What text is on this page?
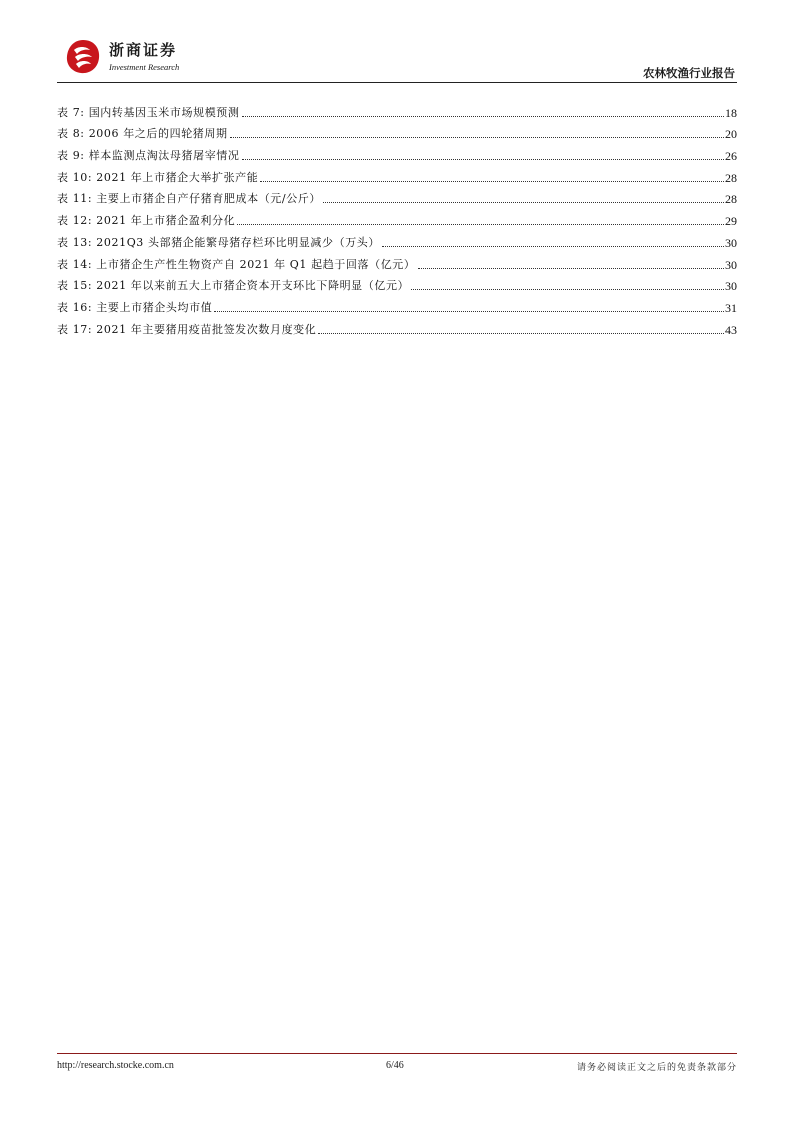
浙商证券
Investment Research	农林牧渔行业报告
表 7: 国内转基因玉米市场规模预测	18
表 8: 2006 年之后的四轮猪周期	20
表 9: 样本监测点淘汰母猪屠宰情况	26
表 10: 2021 年上市猪企大举扩张产能	28
表 11: 主要上市猪企自产仔猪育肥成本（元/公斤）	28
表 12: 2021 年上市猪企盈利分化	29
表 13: 2021Q3 头部猪企能繁母猪存栏环比明显减少（万头）	30
表 14: 上市猪企生产性生物资产自 2021 年 Q1 起趋于回落（亿元）	30
表 15: 2021 年以来前五大上市猪企资本开支环比下降明显（亿元）	30
表 16: 主要上市猪企头均市值	31
表 17: 2021 年主要猪用疫苗批签发次数月度变化	43
http://research.stocke.com.cn	6/46	请务必阅读正文之后的免责条款部分
